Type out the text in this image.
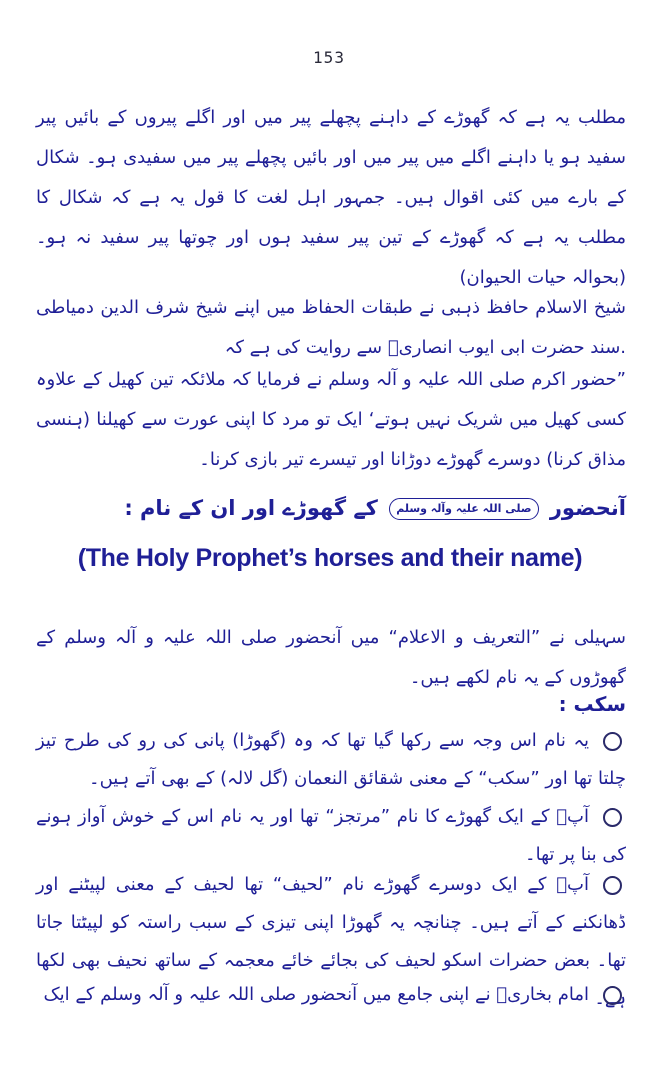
153
مطلب یہ ہے کہ گھوڑے کے داہنے پچھلے پیر میں اور اگلے پیروں کے بائیں پیر سفید ہو یا داہنے اگلے میں پیر میں اور بائیں پچھلے پیر میں سفیدی ہو۔ شکال کے بارے میں کئی اقوال ہیں۔ جمہور اہل لغت کا قول یہ ہے کہ شکال کا مطلب یہ ہے کہ گھوڑے کے تین پیر سفید ہوں اور چوتھا پیر سفید نہ ہو۔ (بحوالہ حیات الحیوان)
شیخ الاسلام حافظ ذہبی نے طبقات الحفاظ میں اپنے شیخ شرف الدین دمیاطی .سند حضرت ابی ایوب انصاریؓ سے روایت کی ہے کہ
”حضور اکرم صلی اللہ علیہ و آلہ وسلم نے فرمایا کہ ملائکہ تین کھیل کے علاوہ کسی کھیل میں شریک نہیں ہوتے‘ ایک تو مرد کا اپنی عورت سے کھیلنا (ہنسی مذاق کرنا) دوسرے گھوڑے دوڑانا اور تیسرے تیر بازی کرنا۔
آنحضور صلی اللہ علیہ وآلہ وسلم کے گھوڑے اور ان کے نام :
(The Holy Prophet’s horses and their name)
سہیلی نے ”التعریف و الاعلام“ میں آنحضور صلی اللہ علیہ و آلہ وسلم کے گھوڑوں کے یہ نام لکھے ہیں۔
سکب :
یہ نام اس وجہ سے رکھا گیا تھا کہ وہ (گھوڑا) پانی کی رو کی طرح تیز چلتا تھا اور ”سکب“ کے معنی شقائق النعمان (گل لالہ) کے بھی آتے ہیں۔
آپؐ کے ایک گھوڑے کا نام ”مرتجز“ تھا اور یہ نام اس کے خوش آواز ہونے کی بنا پر تھا۔
آپؐ کے ایک دوسرے گھوڑے نام ”لحیف“ تھا لحیف کے معنی لپیٹنے اور ڈھانکنے کے آتے ہیں۔ چنانچہ یہ گھوڑا اپنی تیزی کے سبب راستہ کو لپیٹتا جاتا تھا۔ بعض حضرات اسکو لحیف کی بجائے خائے معجمہ کے ساتھ نحیف بھی لکھا ہے۔
امام بخاریؒ نے اپنی جامع میں آنحضور صلی اللہ علیہ و آلہ وسلم کے ایک
